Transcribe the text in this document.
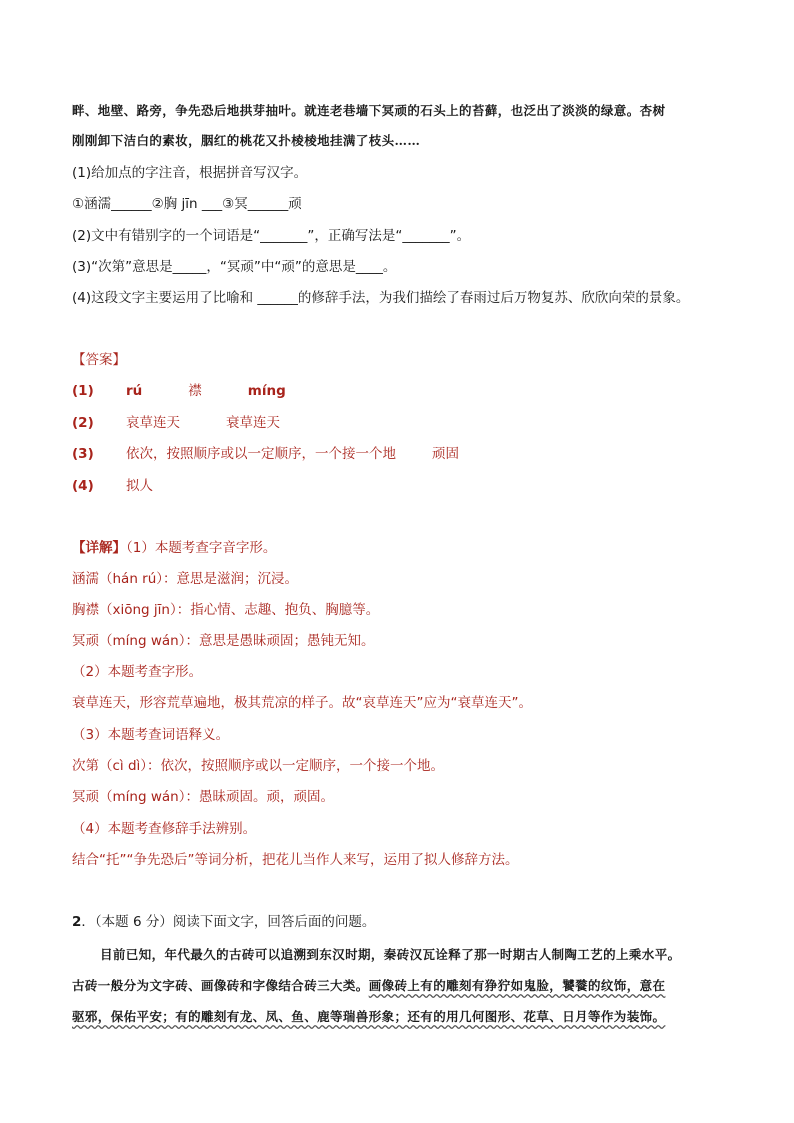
畔、地壁、路旁，争先恐后地拱芽抽叶。就连老巷墙下冥顽的石头上的苔藓，也泛出了淡淡的绿意。杏树
刚刚卸下洁白的素妆，胭红的桃花又扑棱棱地挂满了枝头……
(1)给加点的字注音，根据拼音写汉字。
①涵濡______②胸 jīn ___③冥______顽
(2)文中有错别字的一个词语是“_______”，正确写法是“_______”。
(3)“次第”意思是_____，“冥顽”中“顽”的意思是____。
(4)这段文字主要运用了比喻和 ______的修辞手法，为我们描绘了春雨过后万物复苏、欣欣向荣的景象。
【答案】
(1) rú	襟	míng
(2) 哀草连天	衰草连天
(3) 依次，按照顺序或以一定顺序，一个接一个地	顽固
(4) 拟人
【详解】（1）本题考查字音字形。
涵濡（hán rú）：意思是滋润；沉浸。
胸襟（xiōng jīn）：指心情、志趣、抱负、胸臆等。
冥顽（míng wán）：意思是愚昧顽固；愚钝无知。
（2）本题考查字形。
衰草连天，形容荒草遍地，极其荒凉的样子。故“哀草连天”应为“衰草连天”。
（3）本题考查词语释义。
次第（cì dì）：依次，按照顺序或以一定顺序，一个接一个地。
冥顽（míng wán）：愚昧顽固。顽，顽固。
（4）本题考查修辞手法辨别。
结合“托”“争先恐后”等词分析，把花儿当作人来写，运用了拟人修辞方法。
2．（本题 6 分）阅读下面文字，回答后面的问题。
目前已知，年代最久的古砖可以追溯到东汉时期，秦砖汉瓦诠释了那一时期古人制陶工艺的上乘水平。
古砖一般分为文字砖、画像砖和字像结合砖三大类。画像砖上有的雕刻有狰狞如鬼脸，饕餮的纹饰，意在
驱邪，保佑平安；有的雕刻有龙、凤、鱼、鹿等瑞兽形象；还有的用几何图形、花草、日月等作为装饰。
